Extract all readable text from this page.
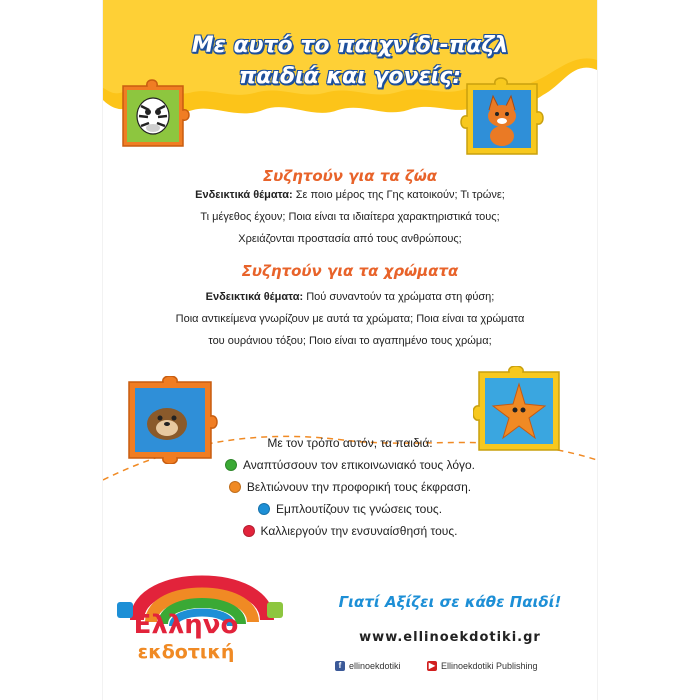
Με αυτό το παιχνίδι-παζλ
παιδιά και γονείς:
Συζητούν για τα ζώα

Ενδεικτικά θέματα: Σε ποιο μέρος της Γης κατοικούν; Τι τρώνε;

Τι μέγεθος έχουν; Ποια είναι τα ιδιαίτερα χαρακτηριστικά τους;

Χρειάζονται προστασία από τους ανθρώπους;

Συζητούν για τα χρώματα

Ενδεικτικά θέματα: Πού συναντούν τα χρώματα στη φύση;

Ποια αντικείμενα γνωρίζουν με αυτά τα χρώματα; Ποια είναι τα χρώματα

του ουράνιου τόξου; Ποιο είναι το αγαπημένο τους χρώμα;

Με τον τρόπο αυτόν, τα παιδιά:
Αναπτύσσουν τον επικοινωνιακό τους λόγο.
Βελτιώνουν την προφορική τους έκφραση.
Εμπλουτίζουν τις γνώσεις τους.
Καλλιεργούν την ενσυναίσθησή τους.
Ελληνο
εκδοτική
Γιατί Αξίζει σε κάθε Παιδί!
www.ellinoekdotiki.gr
f ellinoekdotiki	▶ Ellinoekdotiki Publishing
